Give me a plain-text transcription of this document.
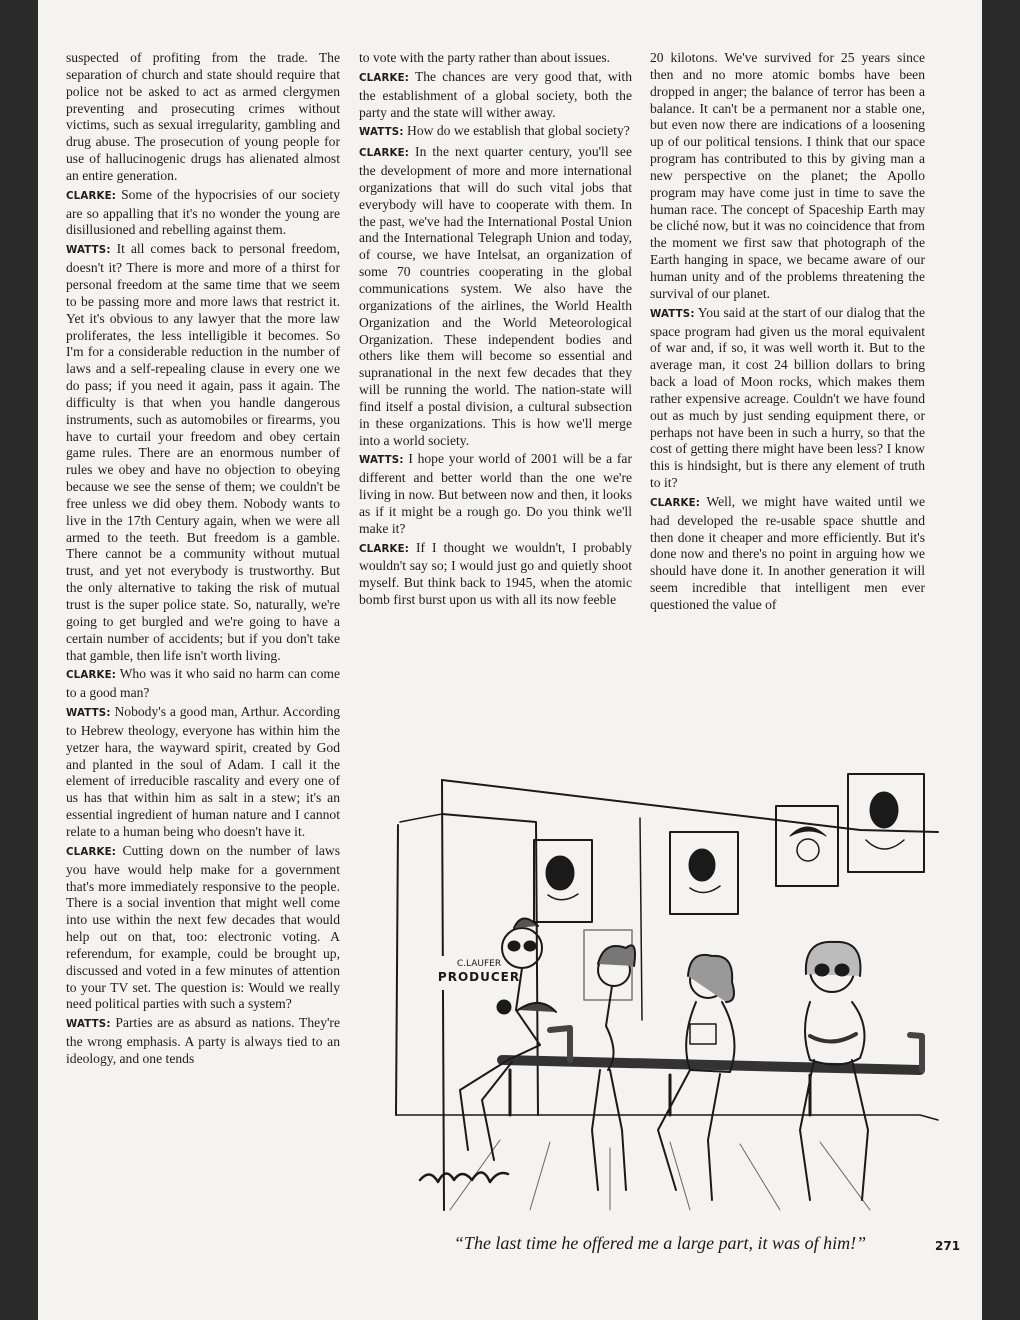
suspected of profiting from the trade. The separation of church and state should require that police not be asked to act as armed clergymen preventing and prosecuting crimes without victims, such as sexual irregularity, gambling and drug abuse. The prosecution of young people for use of hallucinogenic drugs has alienated almost an entire generation.

CLARKE: Some of the hypocrisies of our society are so appalling that it's no wonder the young are disillusioned and rebelling against them.

WATTS: It all comes back to personal freedom, doesn't it? There is more and more of a thirst for personal freedom at the same time that we seem to be passing more and more laws that restrict it. Yet it's obvious to any lawyer that the more law proliferates, the less intelligible it becomes. So I'm for a considerable reduction in the number of laws and a self-repealing clause in every one we do pass; if you need it again, pass it again. The difficulty is that when you handle dangerous instruments, such as automobiles or firearms, you have to curtail your freedom and obey certain game rules. There are an enormous number of rules we obey and have no objection to obeying because we see the sense of them; we couldn't be free unless we did obey them. Nobody wants to live in the 17th Century again, when we were all armed to the teeth. But freedom is a gamble. There cannot be a community without mutual trust, and yet not everybody is trustworthy. But the only alternative to taking the risk of mutual trust is the super police state. So, naturally, we're going to get burgled and we're going to have a certain number of accidents; but if you don't take that gamble, then life isn't worth living.

CLARKE: Who was it who said no harm can come to a good man?

WATTS: Nobody's a good man, Arthur. According to Hebrew theology, everyone has within him the yetzer hara, the wayward spirit, created by God and planted in the soul of Adam. I call it the element of irreducible rascality and every one of us has that within him as salt in a stew; it's an essential ingredient of human nature and I cannot relate to a human being who doesn't have it.

CLARKE: Cutting down on the number of laws you have would help make for a government that's more immediately responsive to the people. There is a social invention that might well come into use within the next few decades that would help out on that, too: electronic voting. A referendum, for example, could be brought up, discussed and voted in a few minutes of attention to your TV set. The question is: Would we really need political parties with such a system?

WATTS: Parties are as absurd as nations. They're the wrong emphasis. A party is always tied to an ideology, and one tends

to vote with the party rather than about issues.

CLARKE: The chances are very good that, with the establishment of a global society, both the party and the state will wither away.

WATTS: How do we establish that global society?

CLARKE: In the next quarter century, you'll see the development of more and more international organizations that will do such vital jobs that everybody will have to cooperate with them. In the past, we've had the International Postal Union and the International Telegraph Union and today, of course, we have Intelsat, an organization of some 70 countries cooperating in the global communications system. We also have the organizations of the airlines, the World Health Organization and the World Meteorological Organization. These independent bodies and others like them will become so essential and supranational in the next few decades that they will be running the world. The nation-state will find itself a postal division, a cultural subsection in these organizations. This is how we'll merge into a world society.

WATTS: I hope your world of 2001 will be a far different and better world than the one we're living in now. But between now and then, it looks as if it might be a rough go. Do you think we'll make it?

CLARKE: If I thought we wouldn't, I probably wouldn't say so; I would just go and quietly shoot myself. But think back to 1945, when the atomic bomb first burst upon us with all its now feeble

20 kilotons. We've survived for 25 years since then and no more atomic bombs have been dropped in anger; the balance of terror has been a balance. It can't be a permanent nor a stable one, but even now there are indications of a loosening up of our political tensions. I think that our space program has contributed to this by giving man a new perspective on the planet; the Apollo program may have come just in time to save the human race. The concept of Spaceship Earth may be cliché now, but it was no coincidence that from the moment we first saw that photograph of the Earth hanging in space, we became aware of our human unity and of the problems threatening the survival of our planet.

WATTS: You said at the start of our dialog that the space program had given us the moral equivalent of war and, if so, it was well worth it. But to the average man, it cost 24 billion dollars to bring back a load of Moon rocks, which makes them rather expensive acreage. Couldn't we have found out as much by just sending equipment there, or perhaps not have been in such a hurry, so that the cost of getting there might have been less? I know this is hindsight, but is there any element of truth to it?

CLARKE: Well, we might have waited until we had developed the re-usable space shuttle and then done it cheaper and more efficiently. But it's done now and there's no point in arguing how we should have done it. In another generation it will seem incredible that intelligent men ever questioned the value of

C.LAUFER
PRODUCER
“The last time he offered me a large part, it was of him!”	271
